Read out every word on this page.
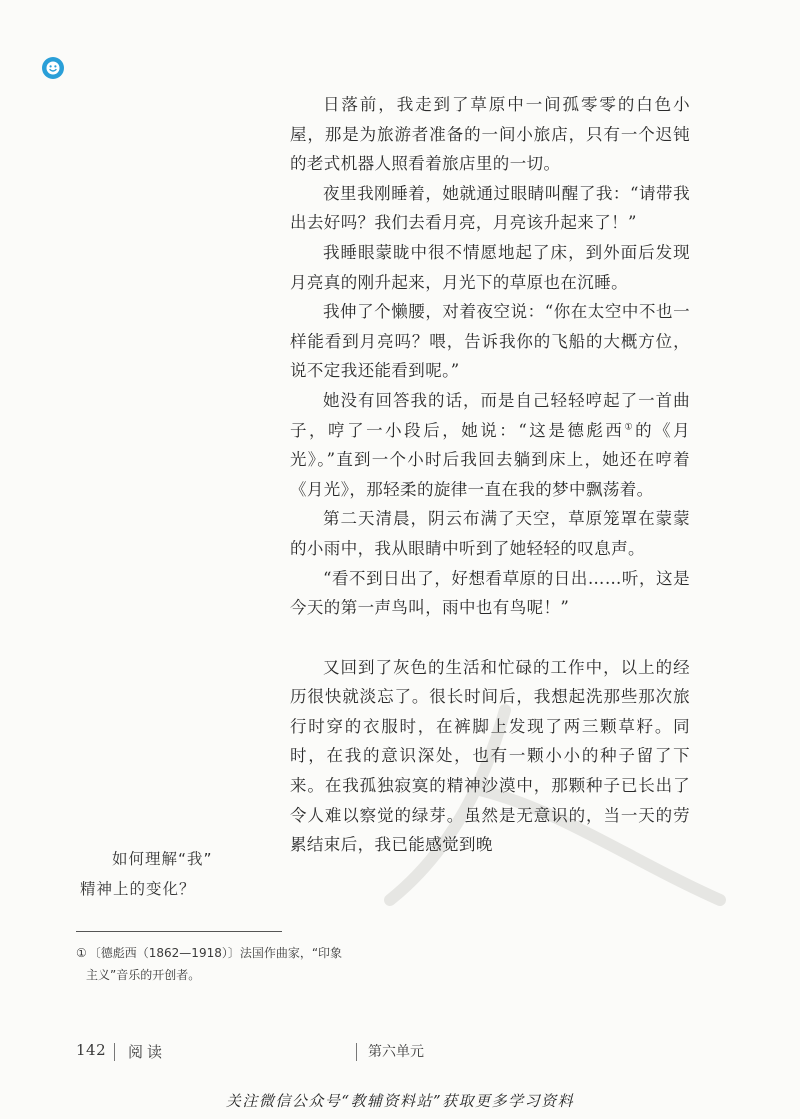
日落前，我走到了草原中一间孤零零的白色小屋，那是为旅游者准备的一间小旅店，只有一个迟钝的老式机器人照看着旅店里的一切。

夜里我刚睡着，她就通过眼睛叫醒了我：“请带我出去好吗？我们去看月亮，月亮该升起来了！”

我睡眼蒙眬中很不情愿地起了床，到外面后发现月亮真的刚升起来，月光下的草原也在沉睡。

我伸了个懒腰，对着夜空说：“你在太空中不也一样能看到月亮吗？喂，告诉我你的飞船的大概方位，说不定我还能看到呢。”

她没有回答我的话，而是自己轻轻哼起了一首曲子，哼了一小段后，她说：“这是德彪西①的《月光》。”直到一个小时后我回去躺到床上，她还在哼着《月光》，那轻柔的旋律一直在我的梦中飘荡着。

第二天清晨，阴云布满了天空，草原笼罩在蒙蒙的小雨中，我从眼睛中听到了她轻轻的叹息声。

“看不到日出了，好想看草原的日出……听，这是今天的第一声鸟叫，雨中也有鸟呢！”

又回到了灰色的生活和忙碌的工作中，以上的经历很快就淡忘了。很长时间后，我想起洗那些那次旅行时穿的衣服时，在裤脚上发现了两三颗草籽。同时，在我的意识深处，也有一颗小小的种子留了下来。在我孤独寂寞的精神沙漠中，那颗种子已长出了令人难以察觉的绿芽。虽然是无意识的，当一天的劳累结束后，我已能感觉到晚

如何理解“我”
精神上的变化？
① 〔德彪西（1862—1918）〕法国作曲家，“印象
主义”音乐的开创者。
142 阅读	第六单元
关注微信公众号“教辅资料站”获取更多学习资料
